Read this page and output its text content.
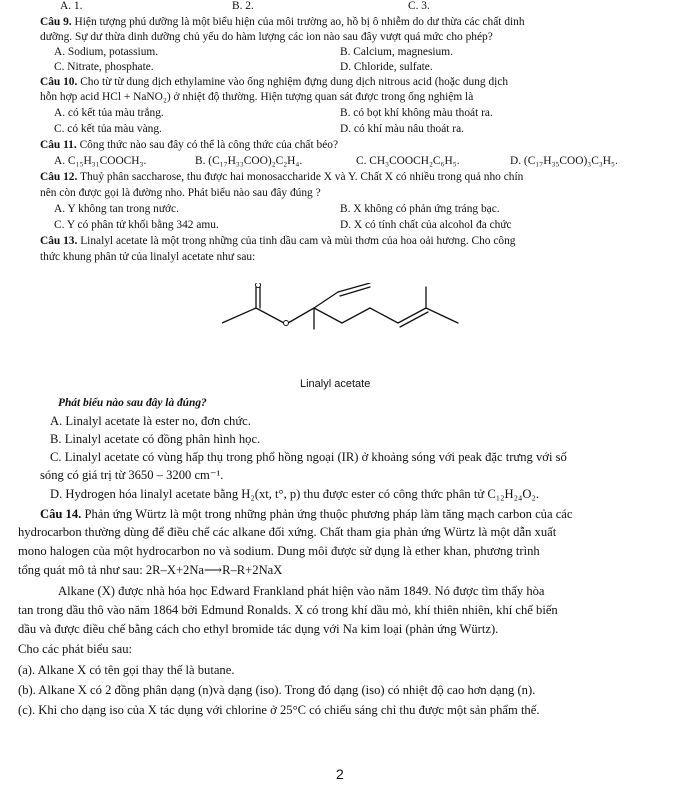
A. 1.	B. 2.	C. 3.
Câu 9. Hiện tượng phú dưỡng là một biểu hiện của môi trường ao, hồ bị ô nhiễm do dư thừa các chất dinh
dưỡng. Sự dư thừa dinh dưỡng chủ yếu do hàm lượng các ion nào sau đây vượt quá mức cho phép?
A. Sodium, potassium.	B. Calcium, magnesium.
C. Nitrate, phosphate.	D. Chloride, sulfate.
Câu 10. Cho từ từ dung dịch ethylamine vào ống nghiệm đựng dung dịch nitrous acid (hoặc dung dịch
hỗn hợp acid HCl + NaNO₂) ở nhiệt độ thường. Hiện tượng quan sát được trong ống nghiệm là
A. có kết tủa màu trắng.	B. có bọt khí không màu thoát ra.
C. có kết tủa màu vàng.	D. có khí màu nâu thoát ra.
Câu 11. Công thức nào sau đây có thể là công thức của chất béo?
A. C₁₅H₃₁COOCH₃.	B. (C₁₇H₃₃COO)₂C₂H₄.	C. CH₃COOCH₂C₆H₅.	D. (C₁₇H₃₅COO)₃C₃H₅.
Câu 12. Thuỷ phân saccharose, thu được hai monosaccharide X và Y. Chất X có nhiều trong quả nho chín
nên còn được gọi là đường nho. Phát biểu nào sau đây đúng ?
A. Y không tan trong nước.	B. X không có phản ứng tráng bạc.
C. Y có phân tử khối bằng 342 amu.	D. X có tính chất của alcohol đa chức
Câu 13. Linalyl acetate là một trong những của tinh dầu cam và mùi thơm của hoa oải hương. Cho công
thức khung phân tử của linalyl acetate như sau:
Linalyl acetate
Phát biểu nào sau đây là đúng?
A. Linalyl acetate là ester no, đơn chức.
B. Linalyl acetate có đồng phân hình học.
C. Linalyl acetate có vùng hấp thụ trong phổ hồng ngoại (IR) ở khoảng sóng với peak đặc trưng với số
sóng có giá trị từ 3650 – 3200 cm⁻¹.
D. Hydrogen hóa linalyl acetate bằng H₂(xt, t°, p) thu được ester có công thức phân tử C₁₂H₂₄O₂.
Câu 14. Phản ứng Würtz là một trong những phản ứng thuộc phương pháp làm tăng mạch carbon của các
hydrocarbon thường dùng để điều chế các alkane đối xứng. Chất tham gia phản ứng Würtz là một dẫn xuất
mono halogen của một hydrocarbon no và sodium. Dung môi được sử dụng là ether khan, phương trình
tổng quát mô tả như sau: 2R–X+2Na⟶R–R+2NaX
Alkane (X) được nhà hóa học Edward Frankland phát hiện vào năm 1849. Nó được tìm thấy hòa
tan trong dầu thô vào năm 1864 bởi Edmund Ronalds. X có trong khí dầu mỏ, khí thiên nhiên, khí chế biến
dầu và được điều chế bằng cách cho ethyl bromide tác dụng với Na kim loại (phản ứng Würtz).
Cho các phát biểu sau:
(a). Alkane X có tên gọi thay thế là butane.
(b). Alkane X có 2 đồng phân dạng (n)và dạng (iso). Trong đó dạng (iso) có nhiệt độ cao hơn dạng (n).
(c). Khi cho dạng iso của X tác dụng với chlorine ở 25°C có chiếu sáng chỉ thu được một sản phẩm thế.
2
